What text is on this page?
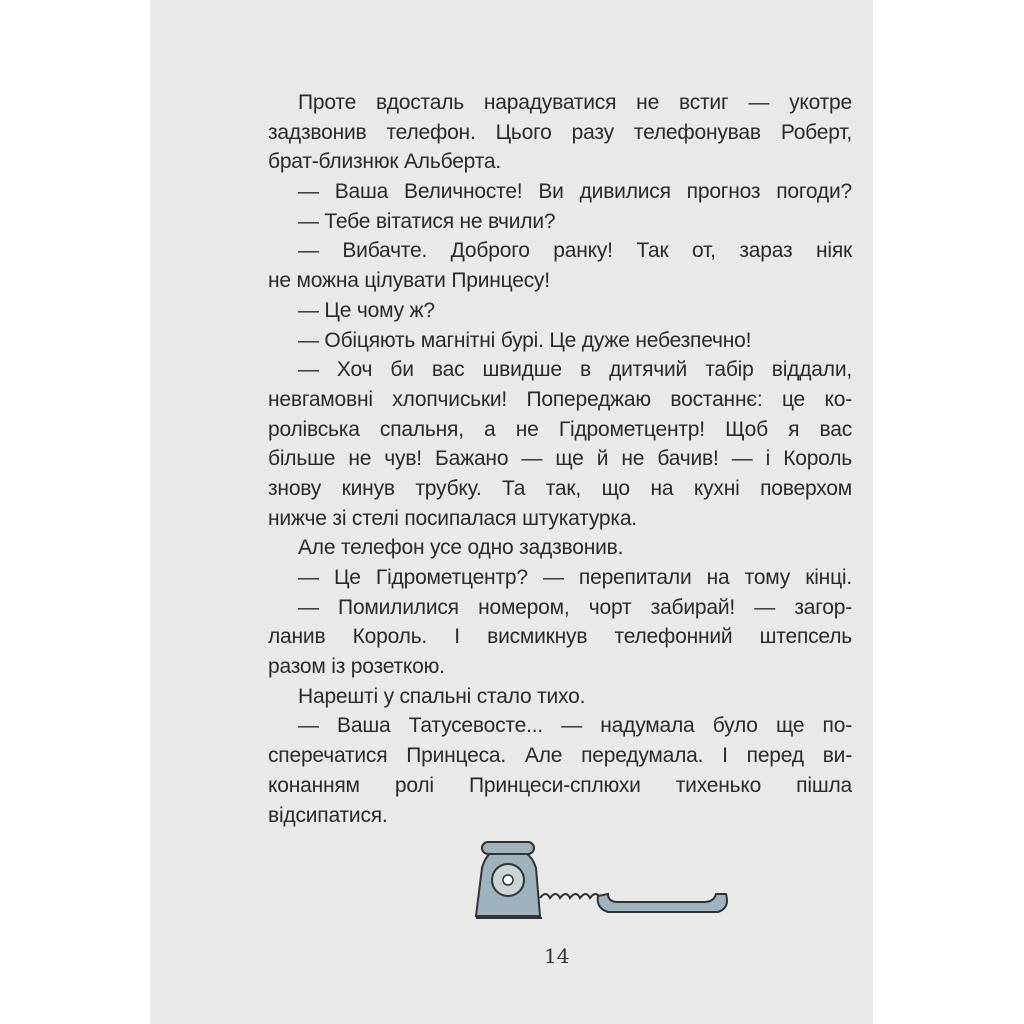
Проте вдосталь нарадуватися не встиг — укотре
задзвонив телефон. Цього разу телефонував Роберт,
брат-близнюк Альберта.
— Ваша Величносте! Ви дивилися прогноз погоди?
— Тебе вітатися не вчили?
— Вибачте. Доброго ранку! Так от, зараз ніяк
не можна цілувати Принцесу!
— Це чому ж?
— Обіцяють магнітні бурі. Це дуже небезпечно!
— Хоч би вас швидше в дитячий табір віддали,
невгамовні хлопчиськи! Попереджаю востаннє: це ко-
ролівська спальня, а не Гідрометцентр! Щоб я вас
більше не чув! Бажано — ще й не бачив! — і Король
знову кинув трубку. Та так, що на кухні поверхом
нижче зі стелі посипалася штукатурка.
Але телефон усе одно задзвонив.
— Це Гідрометцентр? — перепитали на тому кінці.
— Помилилися номером, чорт забирай! — загор-
ланив Король. І висмикнув телефонний штепсель
разом із розеткою.
Нарешті у спальні стало тихо.
— Ваша Татусевосте... — надумала було ще по-
сперечатися Принцеса. Але передумала. І перед ви-
конанням ролі Принцеси-сплюхи тихенько пішла
відсипатися.
14
